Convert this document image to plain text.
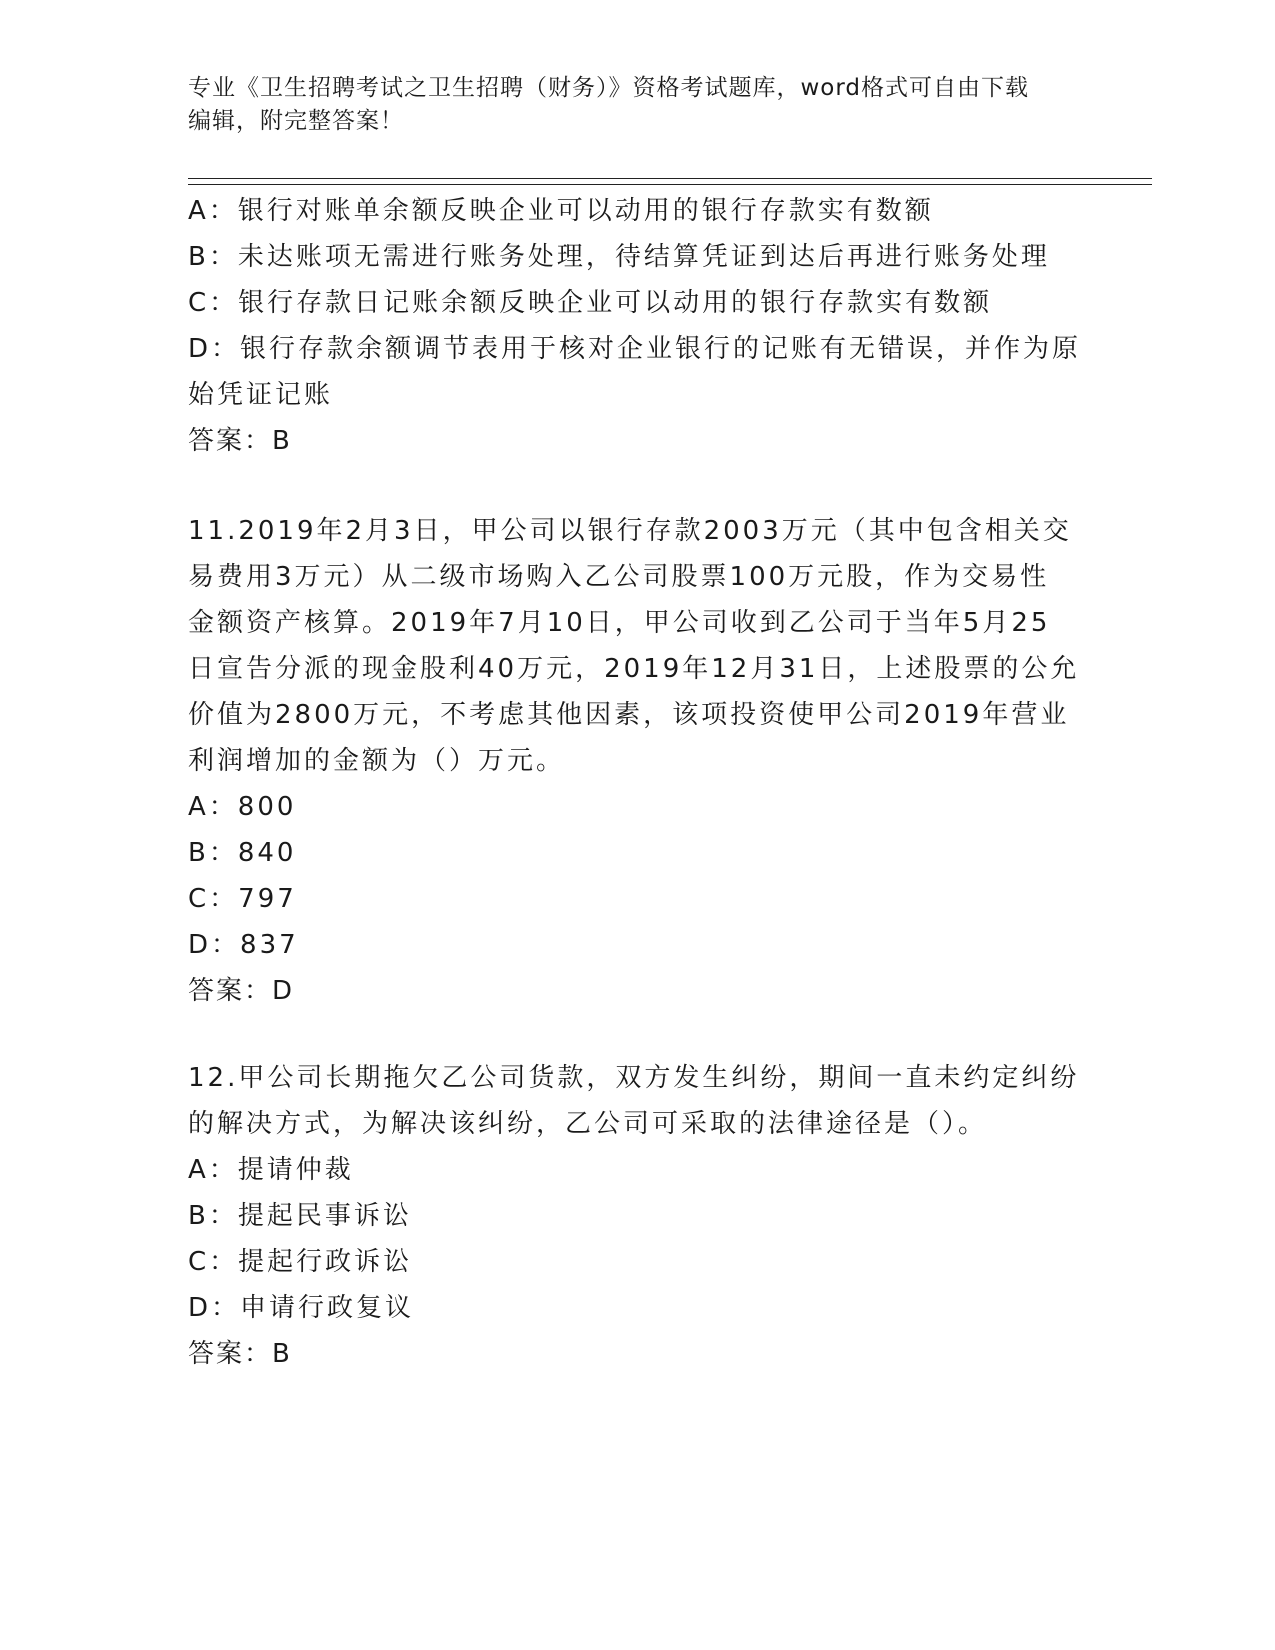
专业《卫生招聘考试之卫生招聘（财务）》资格考试题库，word格式可自由下载
编辑，附完整答案！
A：银行对账单余额反映企业可以动用的银行存款实有数额
B：未达账项无需进行账务处理，待结算凭证到达后再进行账务处理
C：银行存款日记账余额反映企业可以动用的银行存款实有数额
D：银行存款余额调节表用于核对企业银行的记账有无错误，并作为原
始凭证记账
答案：B
11.2019年2月3日，甲公司以银行存款2003万元（其中包含相关交
易费用3万元）从二级市场购入乙公司股票100万元股，作为交易性
金额资产核算。2019年7月10日，甲公司收到乙公司于当年5月25
日宣告分派的现金股利40万元，2019年12月31日，上述股票的公允
价值为2800万元，不考虑其他因素，该项投资使甲公司2019年营业
利润增加的金额为（）万元。
A：800
B：840
C：797
D：837
答案：D
12.甲公司长期拖欠乙公司货款，双方发生纠纷，期间一直未约定纠纷
的解决方式，为解决该纠纷，乙公司可采取的法律途径是（）。
A：提请仲裁
B：提起民事诉讼
C：提起行政诉讼
D：申请行政复议
答案：B
